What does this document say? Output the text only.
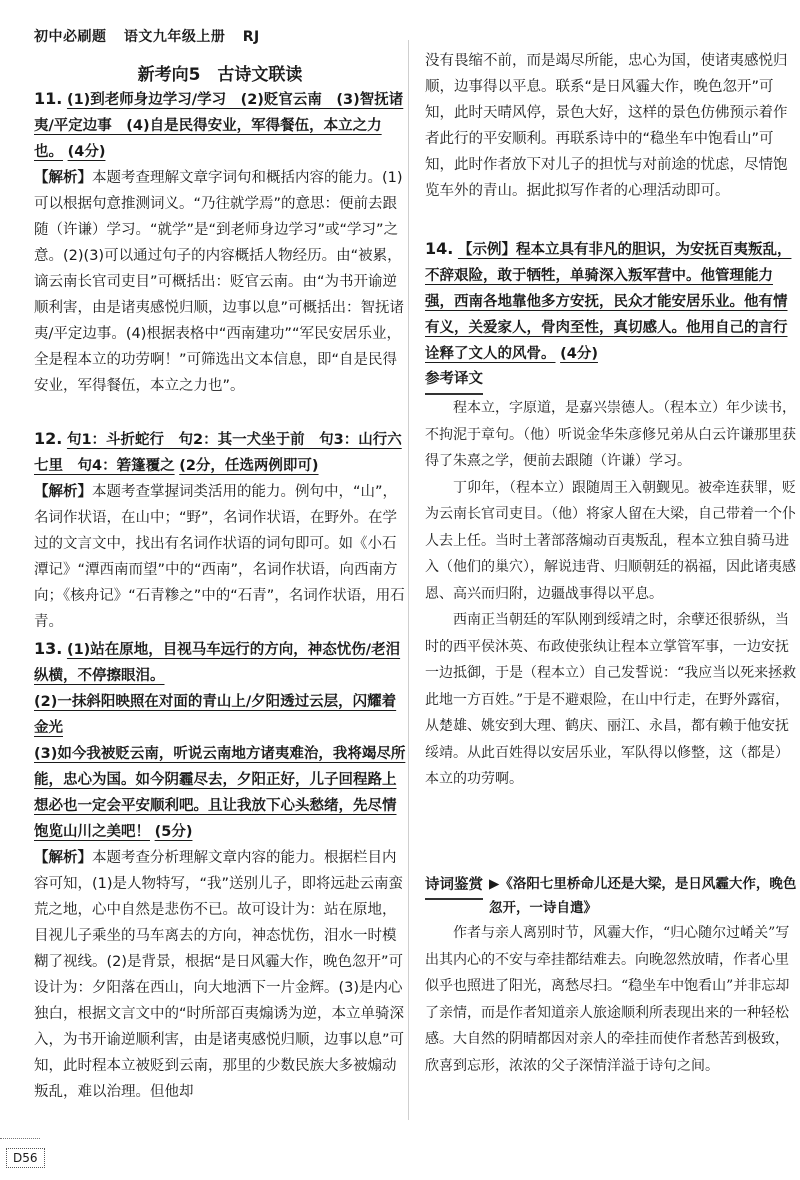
初中必刷题 语文九年级上册 RJ
新考向5　古诗文联读
11. (1)到老师身边学习/学习　(2)贬官云南　(3)智抚诸夷/平定边事　(4)自是民得安业，军得餐伍，本立之力也。 (4分)
【解析】本题考查理解文章字词句和概括内容的能力。(1)可以根据句意推测词义。“乃往就学焉”的意思：便前去跟随（许谦）学习。“就学”是“到老师身边学习”或“学习”之意。(2)(3)可以通过句子的内容概括人物经历。由“被累，谪云南长官司吏目”可概括出：贬官云南。由“为书开谕逆顺利害，由是诸夷感悦归顺，边事以息”可概括出：智抚诸夷/平定边事。(4)根据表格中“西南建功”“军民安居乐业，全是程本立的功劳啊！”可筛选出文本信息，即“自是民得安业，军得餐伍，本立之力也”。
12. 句1：斗折蛇行　句2：其一犬坐于前　句3：山行六七里　句4：箬篷覆之 (2分，任选两例即可)
【解析】本题考查掌握词类活用的能力。例句中，“山”，名词作状语，在山中；“野”，名词作状语，在野外。在学过的文言文中，找出有名词作状语的词句即可。如《小石潭记》“潭西南而望”中的“西南”，名词作状语，向西南方向；《核舟记》“石青糁之”中的“石青”，名词作状语，用石青。
13. (1)站在原地，目视马车远行的方向，神态忧伤/老泪纵横，不停擦眼泪。
(2)一抹斜阳映照在对面的青山上/夕阳透过云层，闪耀着金光
(3)如今我被贬云南，听说云南地方诸夷难治，我将竭尽所能，忠心为国。如今阴霾尽去，夕阳正好，儿子回程路上想必也一定会平安顺利吧。且让我放下心头愁绪，先尽情饱览山川之美吧！ (5分)
【解析】本题考查分析理解文章内容的能力。根据栏目内容可知，(1)是人物特写，“我”送别儿子，即将远赴云南蛮荒之地，心中自然是悲伤不已。故可设计为：站在原地，目视儿子乘坐的马车离去的方向，神态忧伤，泪水一时模糊了视线。(2)是背景，根据“是日风霾大作，晚色忽开”可设计为：夕阳落在西山，向大地洒下一片金辉。(3)是内心独白，根据文言文中的“时所部百夷煽诱为逆，本立单骑深入，为书开谕逆顺利害，由是诸夷感悦归顺，边事以息”可知，此时程本立被贬到云南，那里的少数民族大多被煽动叛乱，难以治理。但他却
没有畏缩不前，而是竭尽所能，忠心为国，使诸夷感悦归顺，边事得以平息。联系“是日风霾大作，晚色忽开”可知，此时天晴风停，景色大好，这样的景色仿佛预示着作者此行的平安顺利。再联系诗中的“稳坐车中饱看山”可知，此时作者放下对儿子的担忧与对前途的忧虑，尽情饱览车外的青山。据此拟写作者的心理活动即可。
14. 【示例】程本立具有非凡的胆识，为安抚百夷叛乱，不辞艰险，敢于牺牲，单骑深入叛军营中。他管理能力强，西南各地靠他多方安抚，民众才能安居乐业。他有情有义，关爱家人，骨肉至性，真切感人。他用自己的言行诠释了文人的风骨。 (4分)
参考译文

程本立，字原道，是嘉兴崇德人。（程本立）年少读书，不拘泥于章句。（他）听说金华朱彦修兄弟从白云许谦那里获得了朱熹之学，便前去跟随（许谦）学习。

丁卯年，（程本立）跟随周王入朝觐见。被牵连获罪，贬为云南长官司吏目。（他）将家人留在大梁，自己带着一个仆人去上任。当时土著部落煽动百夷叛乱，程本立独自骑马进入（他们的巢穴），解说违背、归顺朝廷的祸福，因此诸夷感恩、高兴而归附，边疆战事得以平息。

西南正当朝廷的军队刚到绥靖之时，余孽还很骄纵，当时的西平侯沐英、布政使张纨让程本立掌管军事，一边安抚一边抵御，于是（程本立）自己发誓说：“我应当以死来拯救此地一方百姓。”于是不避艰险，在山中行走，在野外露宿，从楚雄、姚安到大理、鹤庆、丽江、永昌，都有赖于他安抚绥靖。从此百姓得以安居乐业，军队得以修整，这（都是）本立的功劳啊。

诗词鉴赏 ▶《洛阳七里桥命儿还是大梁，是日风霾大作，晚色忽开，一诗自遣》

作者与亲人离别时节，风霾大作，“归心随尔过崤关”写出其内心的不安与牵挂都结难去。向晚忽然放晴，作者心里似乎也照进了阳光，离愁尽扫。“稳坐车中饱看山”并非忘却了亲情，而是作者知道亲人旅途顺利所表现出来的一种轻松感。大自然的阴晴都因对亲人的牵挂而使作者愁苦到极致，欣喜到忘形，浓浓的父子深情洋溢于诗句之间。

D56
